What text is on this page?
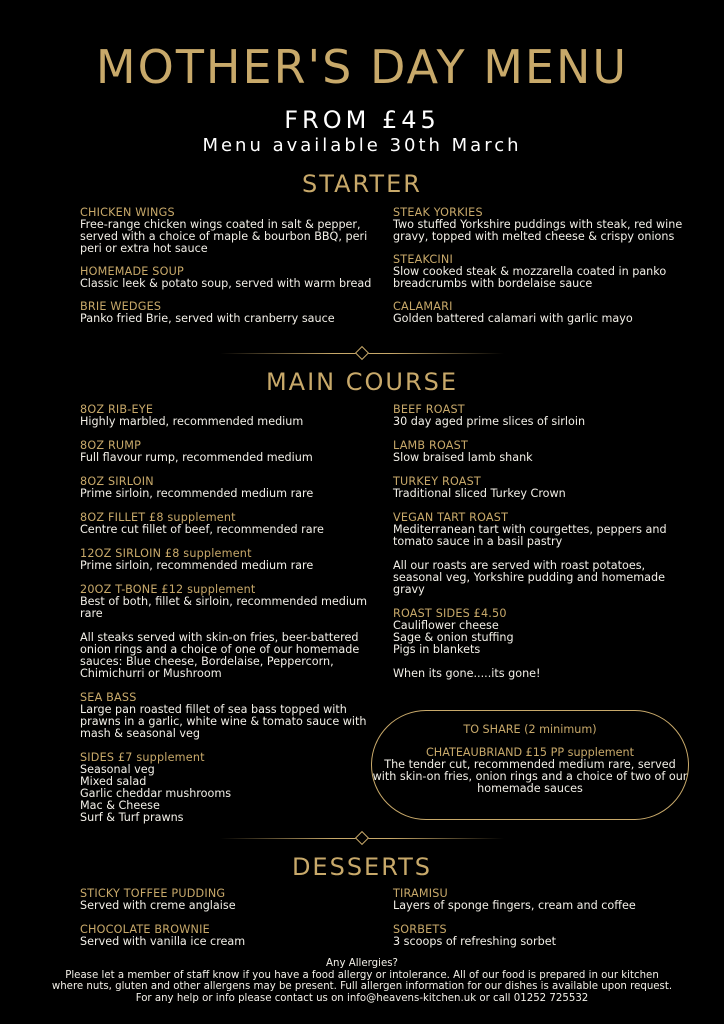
MOTHER'S DAY MENU
FROM £45
Menu available 30th March
STARTER
CHICKEN WINGS
Free-range chicken wings coated in salt & pepper, served with a choice of maple & bourbon BBQ, peri peri or extra hot sauce
HOMEMADE SOUP
Classic leek & potato soup, served with warm bread
BRIE WEDGES
Panko fried Brie, served with cranberry sauce
STEAK YORKIES
Two stuffed Yorkshire puddings with steak, red wine gravy, topped with melted cheese & crispy onions
STEAKCINI
Slow cooked steak & mozzarella coated in panko breadcrumbs with bordelaise sauce
CALAMARI
Golden battered calamari with garlic mayo
MAIN COURSE
8OZ RIB-EYE
Highly marbled, recommended medium
8OZ RUMP
Full flavour rump, recommended medium
8OZ SIRLOIN
Prime sirloin, recommended medium rare
8OZ FILLET £8 supplement
Centre cut fillet of beef, recommended rare
12OZ SIRLOIN £8 supplement
Prime sirloin, recommended medium rare
20OZ T-BONE £12 supplement
Best of both, fillet & sirloin, recommended medium rare
All steaks served with skin-on fries, beer-battered onion rings and a choice of one of our homemade sauces: Blue cheese, Bordelaise, Peppercorn, Chimichurri or Mushroom
SEA BASS
Large pan roasted fillet of sea bass topped with prawns in a garlic, white wine & tomato sauce with mash & seasonal veg
SIDES £7 supplement
Seasonal veg
Mixed salad
Garlic cheddar mushrooms
Mac & Cheese
Surf & Turf prawns
BEEF ROAST
30 day aged prime slices of sirloin
LAMB ROAST
Slow braised lamb shank
TURKEY ROAST
Traditional sliced Turkey Crown
VEGAN TART ROAST
Mediterranean tart with courgettes, peppers and tomato sauce in a basil pastry
All our roasts are served with roast potatoes, seasonal veg, Yorkshire pudding and homemade gravy
ROAST SIDES £4.50
Cauliflower cheese
Sage & onion stuffing
Pigs in blankets
When its gone.....its gone!
TO SHARE (2 minimum)
CHATEAUBRIAND £15 PP supplement
The tender cut, recommended medium rare, served with skin-on fries, onion rings and a choice of two of our homemade sauces
DESSERTS
STICKY TOFFEE PUDDING
Served with creme anglaise
CHOCOLATE BROWNIE
Served with vanilla ice cream
TIRAMISU
Layers of sponge fingers, cream and coffee
SORBETS
3 scoops of refreshing sorbet
Any Allergies?
Please let a member of staff know if you have a food allergy or intolerance. All of our food is prepared in our kitchen
where nuts, gluten and other allergens may be present. Full allergen information for our dishes is available upon request.
For any help or info please contact us on info@heavens-kitchen.uk or call 01252 725532
